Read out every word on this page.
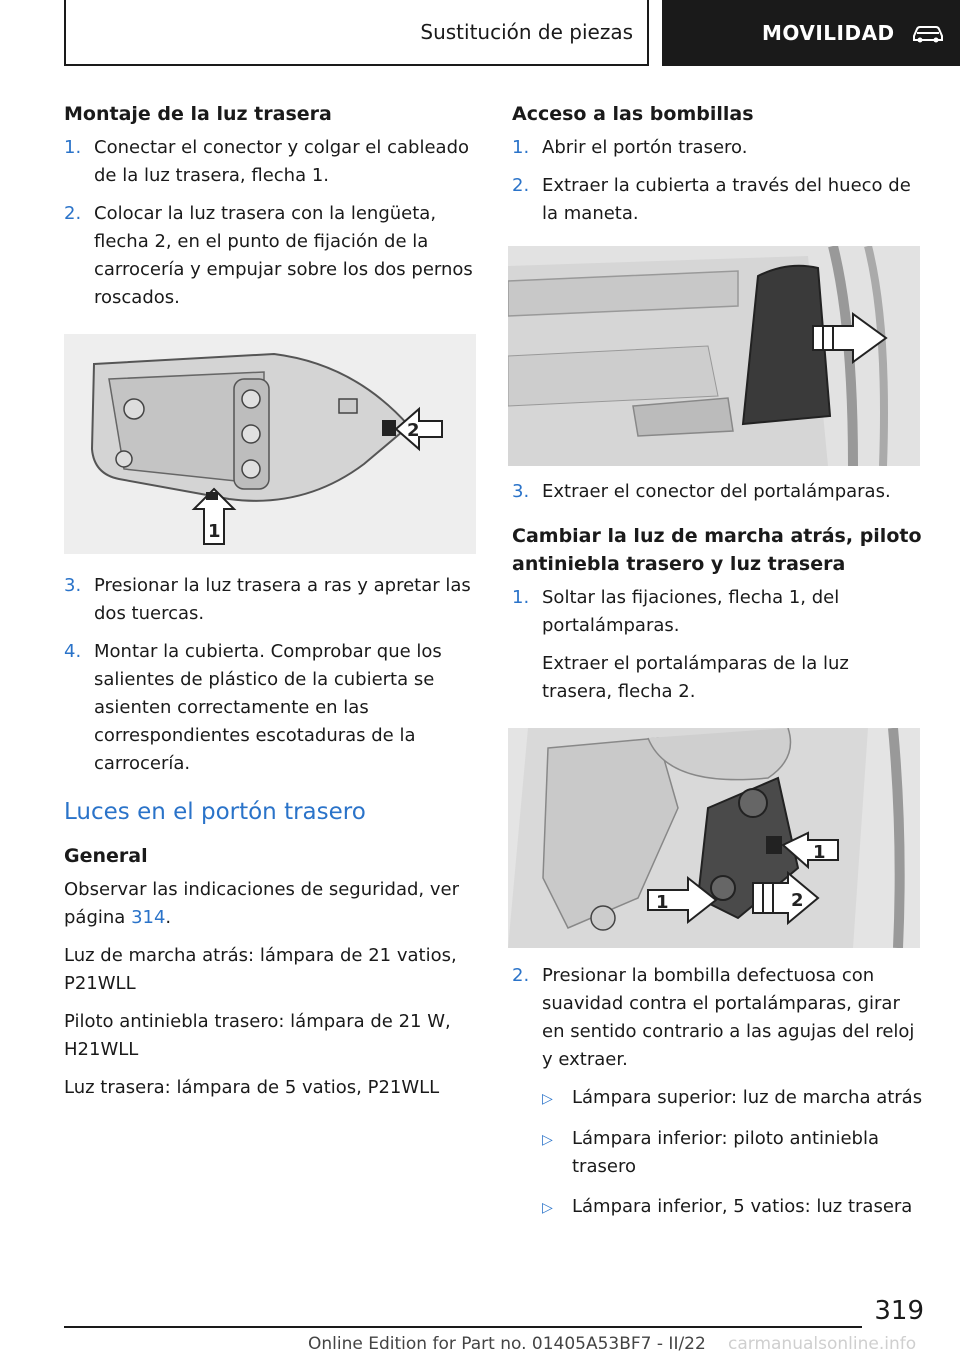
Sustitución de piezas	MOVILIDAD
Montaje de la luz trasera
1. Conectar el conector y colgar el cableado de la luz trasera, flecha 1.
2. Colocar la luz trasera con la lengüeta, flecha 2, en el punto de fijación de la carrocería y empujar sobre los dos pernos roscados.
2
1
3. Presionar la luz trasera a ras y apretar las dos tuercas.
4. Montar la cubierta. Comprobar que los salientes de plástico de la cubierta se asienten correctamente en las correspondientes escotaduras de la carrocería.
Luces en el portón trasero
General
Observar las indicaciones de seguridad, ver página 314.
Luz de marcha atrás: lámpara de 21 vatios, P21WLL
Piloto antiniebla trasero: lámpara de 21 W, H21WLL
Luz trasera: lámpara de 5 vatios, P21WLL
Acceso a las bombillas
1. Abrir el portón trasero.
2. Extraer la cubierta a través del hueco de la maneta.
3. Extraer el conector del portalámparas.
Cambiar la luz de marcha atrás, piloto antiniebla trasero y luz trasera
1. Soltar las fijaciones, flecha 1, del portalámparas.
Extraer el portalámparas de la luz trasera, flecha 2.
1
1	2
2. Presionar la bombilla defectuosa con suavidad contra el portalámparas, girar en sentido contrario a las agujas del reloj y extraer.
▷	Lámpara superior: luz de marcha atrás
▷	Lámpara inferior: piloto antiniebla trasero
▷	Lámpara inferior, 5 vatios: luz trasera
319
Online Edition for Part no. 01405A53BF7 - II/22 carmanualsonline.info
